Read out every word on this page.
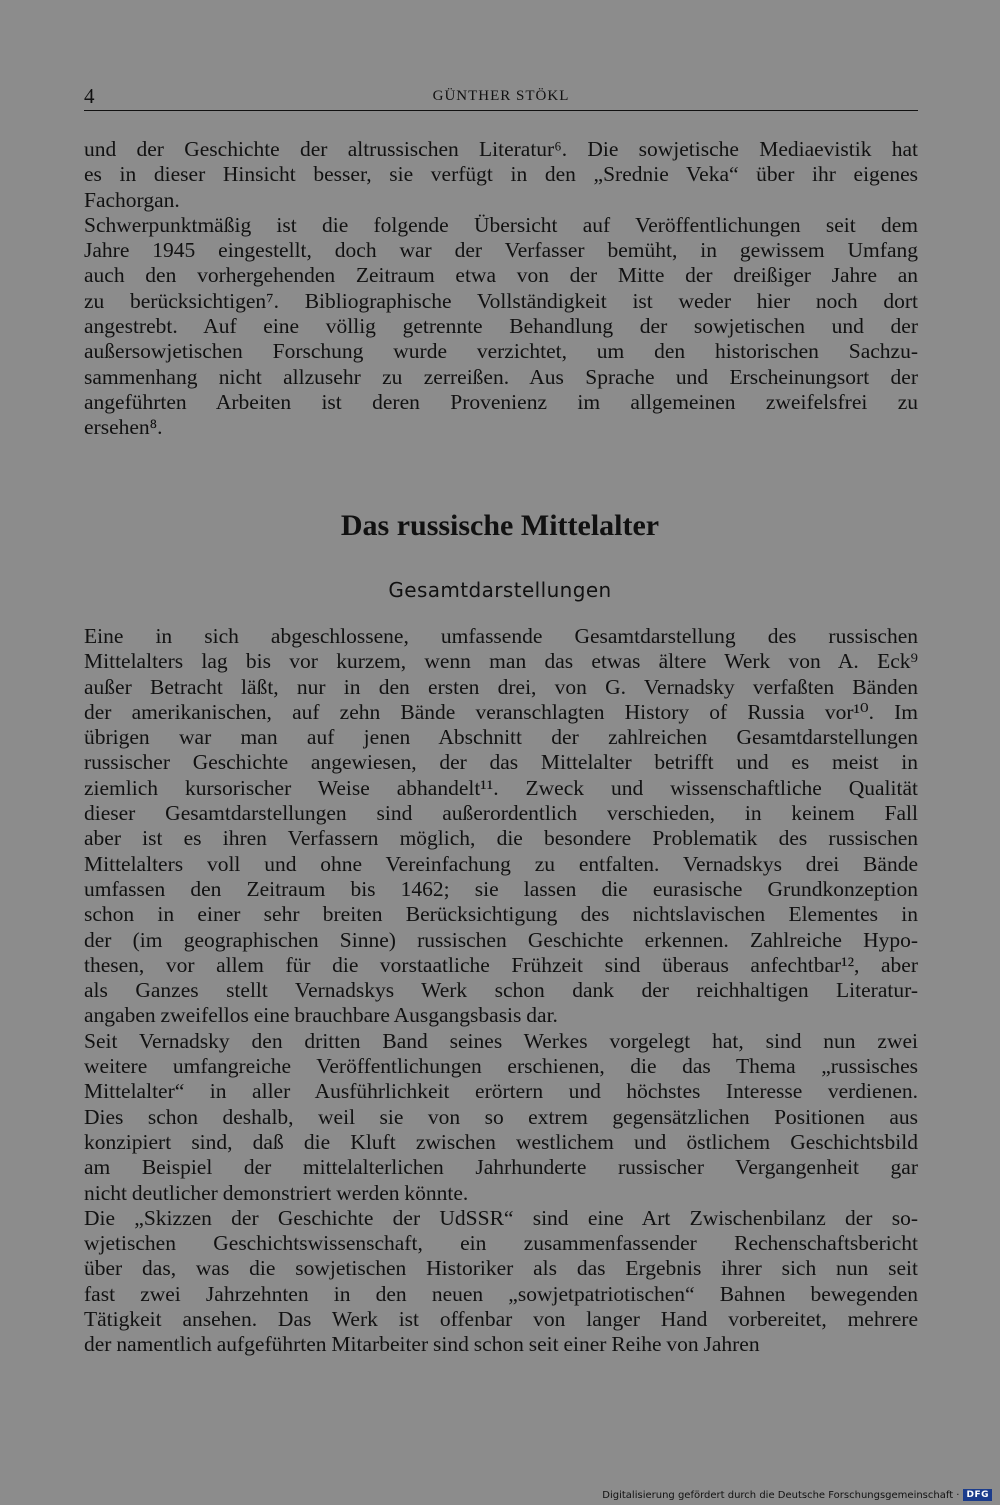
4	GÜNTHER STÖKL
und der Geschichte der altrussischen Literatur⁶. Die sowjetische Mediaevistik hat
es in dieser Hinsicht besser, sie verfügt in den „Srednie Veka“ über ihr eigenes
Fachorgan.
Schwerpunktmäßig ist die folgende Übersicht auf Veröffentlichungen seit dem
Jahre 1945 eingestellt, doch war der Verfasser bemüht, in gewissem Umfang
auch den vorhergehenden Zeitraum etwa von der Mitte der dreißiger Jahre an
zu berücksichtigen⁷. Bibliographische Vollständigkeit ist weder hier noch dort
angestrebt. Auf eine völlig getrennte Behandlung der sowjetischen und der
außersowjetischen Forschung wurde verzichtet, um den historischen Sachzu-
sammenhang nicht allzusehr zu zerreißen. Aus Sprache und Erscheinungsort der
angeführten Arbeiten ist deren Provenienz im allgemeinen zweifelsfrei zu
ersehen⁸.
Das russische Mittelalter
Gesamtdarstellungen
Eine in sich abgeschlossene, umfassende Gesamtdarstellung des russischen
Mittelalters lag bis vor kurzem, wenn man das etwas ältere Werk von A. Eck⁹
außer Betracht läßt, nur in den ersten drei, von G. Vernadsky verfaßten Bänden
der amerikanischen, auf zehn Bände veranschlagten History of Russia vor¹⁰. Im
übrigen war man auf jenen Abschnitt der zahlreichen Gesamtdarstellungen
russischer Geschichte angewiesen, der das Mittelalter betrifft und es meist in
ziemlich kursorischer Weise abhandelt¹¹. Zweck und wissenschaftliche Qualität
dieser Gesamtdarstellungen sind außerordentlich verschieden, in keinem Fall
aber ist es ihren Verfassern möglich, die besondere Problematik des russischen
Mittelalters voll und ohne Vereinfachung zu entfalten. Vernadskys drei Bände
umfassen den Zeitraum bis 1462; sie lassen die eurasische Grundkonzeption
schon in einer sehr breiten Berücksichtigung des nichtslavischen Elementes in
der (im geographischen Sinne) russischen Geschichte erkennen. Zahlreiche Hypo-
thesen, vor allem für die vorstaatliche Frühzeit sind überaus anfechtbar¹², aber
als Ganzes stellt Vernadskys Werk schon dank der reichhaltigen Literatur-
angaben zweifellos eine brauchbare Ausgangsbasis dar.
Seit Vernadsky den dritten Band seines Werkes vorgelegt hat, sind nun zwei
weitere umfangreiche Veröffentlichungen erschienen, die das Thema „russisches
Mittelalter“ in aller Ausführlichkeit erörtern und höchstes Interesse verdienen.
Dies schon deshalb, weil sie von so extrem gegensätzlichen Positionen aus
konzipiert sind, daß die Kluft zwischen westlichem und östlichem Geschichtsbild
am Beispiel der mittelalterlichen Jahrhunderte russischer Vergangenheit gar
nicht deutlicher demonstriert werden könnte.
Die „Skizzen der Geschichte der UdSSR“ sind eine Art Zwischenbilanz der so-
wjetischen Geschichtswissenschaft, ein zusammenfassender Rechenschaftsbericht
über das, was die sowjetischen Historiker als das Ergebnis ihrer sich nun seit
fast zwei Jahrzehnten in den neuen „sowjetpatriotischen“ Bahnen bewegenden
Tätigkeit ansehen. Das Werk ist offenbar von langer Hand vorbereitet, mehrere
der namentlich aufgeführten Mitarbeiter sind schon seit einer Reihe von Jahren
Digitalisierung gefördert durch die Deutsche Forschungsgemeinschaft · DFG
